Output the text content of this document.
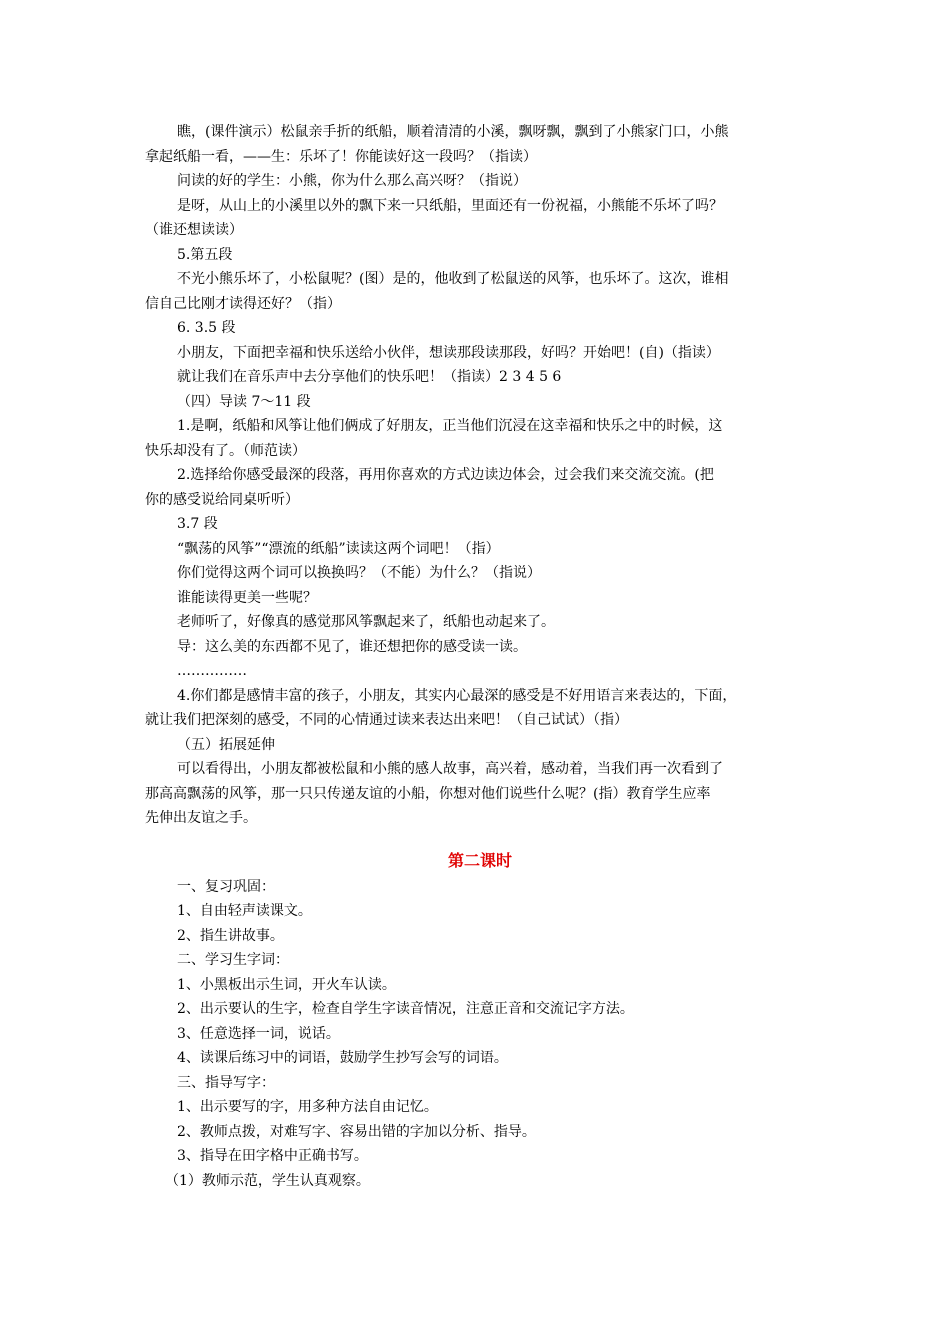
瞧，(课件演示）松鼠亲手折的纸船，顺着清清的小溪，飘呀飘，飘到了小熊家门口，小熊
拿起纸船一看，——生：乐坏了！你能读好这一段吗？（指读）
问读的好的学生：小熊，你为什么那么高兴呀？（指说）
是呀，从山上的小溪里以外的飘下来一只纸船，里面还有一份祝福，小熊能不乐坏了吗？
（谁还想读读）
5.第五段
不光小熊乐坏了，小松鼠呢？(图）是的，他收到了松鼠送的风筝，也乐坏了。这次，谁相
信自己比刚才读得还好？（指）
6. 3.5 段
小朋友，下面把幸福和快乐送给小伙伴，想读那段读那段，好吗？开始吧！(自)（指读）
就让我们在音乐声中去分享他们的快乐吧！（指读）2 3 4 5 6
（四）导读 7～11 段
1.是啊，纸船和风筝让他们俩成了好朋友，正当他们沉浸在这幸福和快乐之中的时候，这
快乐却没有了。（师范读）
2.选择给你感受最深的段落，再用你喜欢的方式边读边体会，过会我们来交流交流。(把
你的感受说给同桌听听）
3.7 段
“飘荡的风筝”“漂流的纸船”读读这两个词吧！（指）
你们觉得这两个词可以换换吗？（不能）为什么？（指说）
谁能读得更美一些呢？
老师听了，好像真的感觉那风筝飘起来了，纸船也动起来了。
导：这么美的东西都不见了，谁还想把你的感受读一读。
……………
4.你们都是感情丰富的孩子，小朋友，其实内心最深的感受是不好用语言来表达的，下面，
就让我们把深刻的感受，不同的心情通过读来表达出来吧！（自己试试）（指）
（五）拓展延伸
可以看得出，小朋友都被松鼠和小熊的感人故事，高兴着，感动着，当我们再一次看到了
那高高飘荡的风筝，那一只只传递友谊的小船，你想对他们说些什么呢？(指）教育学生应率
先伸出友谊之手。
第二课时
一、复习巩固：
1、自由轻声读课文。
2、指生讲故事。
二、学习生字词：
1、小黑板出示生词，开火车认读。
2、出示要认的生字，检查自学生字读音情况，注意正音和交流记字方法。
3、任意选择一词，说话。
4、读课后练习中的词语，鼓励学生抄写会写的词语。
三、指导写字：
1、出示要写的字，用多种方法自由记忆。
2、教师点拨，对难写字、容易出错的字加以分析、指导。
3、指导在田字格中正确书写。
（1）教师示范，学生认真观察。
